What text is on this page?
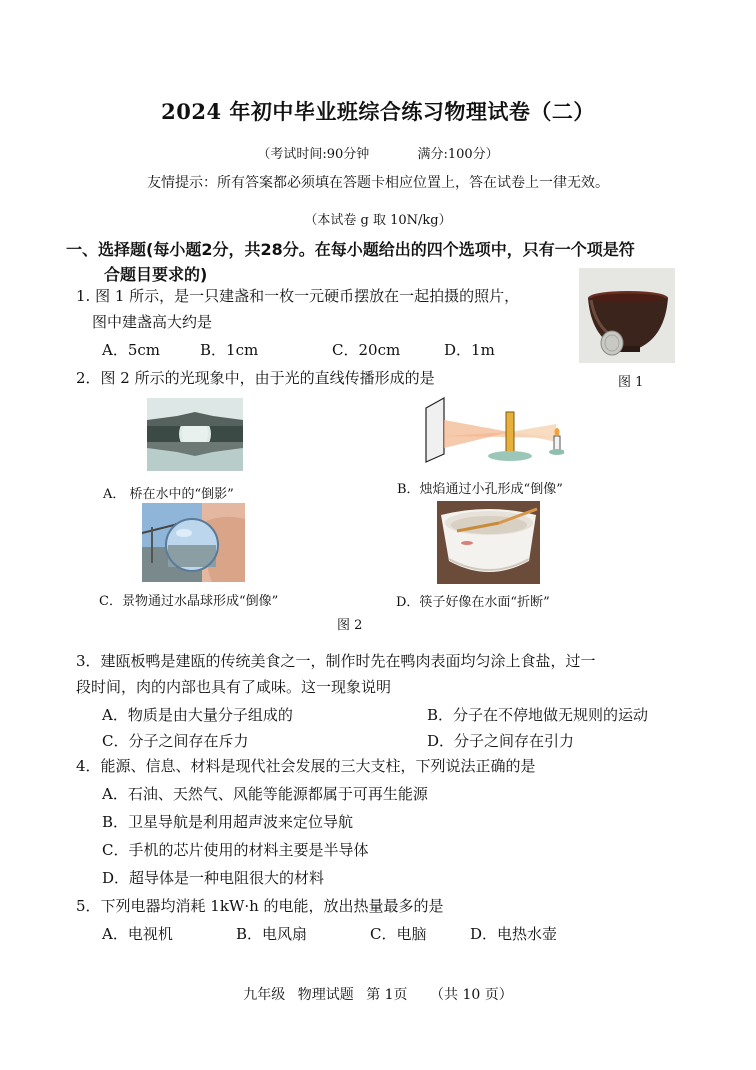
2024 年初中毕业班综合练习物理试卷（二）
（考试时间:90分钟	满分:100分）
友情提示：所有答案都必须填在答题卡相应位置上，答在试卷上一律无效。
（本试卷 g 取 10N/kg）
一、选择题(每小题2分，共28分。在每小题给出的四个选项中，只有一个项是符
合题目要求的)
1. 图 1 所示，是一只建盏和一枚一元硬币摆放在一起拍摄的照片，
图中建盏高大约是
A．5cm	B．1cm	C．20cm	D．1m
图 1
2．图 2 所示的光现象中，由于光的直线传播形成的是
A． 桥在水中的“倒影”	B．烛焰通过小孔形成“倒像”
C．景物通过水晶球形成“倒像”	D．筷子好像在水面“折断”
图 2
3．建瓯板鸭是建瓯的传统美食之一，制作时先在鸭肉表面均匀涂上食盐，过一
段时间，肉的内部也具有了咸味。这一现象说明
A．物质是由大量分子组成的	B．分子在不停地做无规则的运动
C．分子之间存在斥力	D．分子之间存在引力
4．能源、信息、材料是现代社会发展的三大支柱，下列说法正确的是
A．石油、天然气、风能等能源都属于可再生能源
B．卫星导航是利用超声波来定位导航
C．手机的芯片使用的材料主要是半导体
D．超导体是一种电阻很大的材料
5．下列电器均消耗 1kW·h 的电能，放出热量最多的是
A．电视机	B．电风扇	C．电脑	D．电热水壶
九年级 物理试题 第 1页 （共 10 页）
